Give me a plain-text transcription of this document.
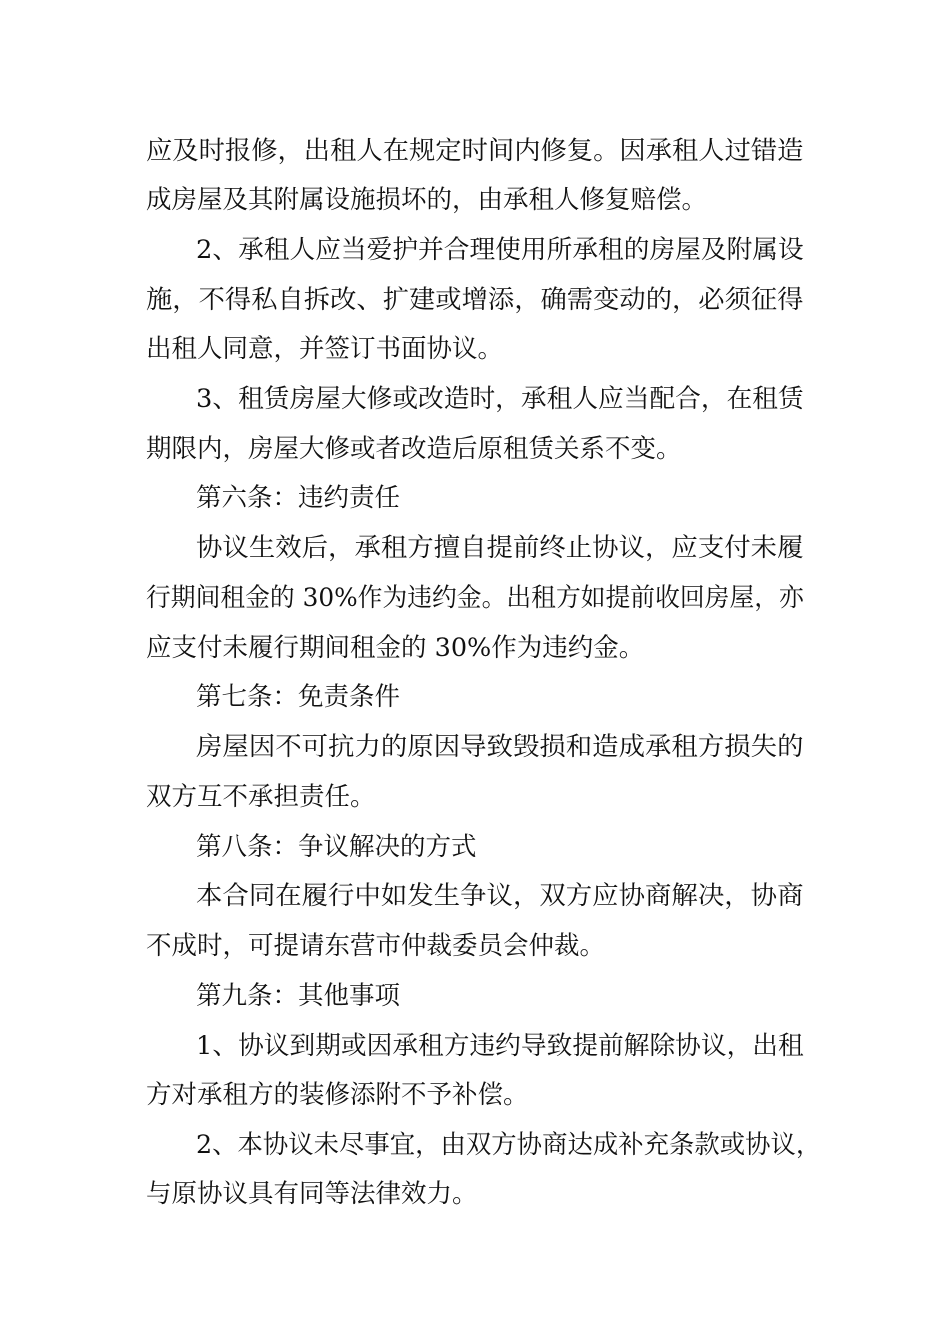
应及时报修，出租人在规定时间内修复。因承租人过错造
成房屋及其附属设施损坏的，由承租人修复赔偿。
2、承租人应当爱护并合理使用所承租的房屋及附属设
施，不得私自拆改、扩建或增添，确需变动的，必须征得
出租人同意，并签订书面协议。
3、租赁房屋大修或改造时，承租人应当配合，在租赁
期限内，房屋大修或者改造后原租赁关系不变。
第六条：违约责任
协议生效后，承租方擅自提前终止协议，应支付未履
行期间租金的 30%作为违约金。出租方如提前收回房屋，亦
应支付未履行期间租金的 30%作为违约金。
第七条：免责条件
房屋因不可抗力的原因导致毁损和造成承租方损失的
双方互不承担责任。
第八条：争议解决的方式
本合同在履行中如发生争议，双方应协商解决，协商
不成时，可提请东营市仲裁委员会仲裁。
第九条：其他事项
1、协议到期或因承租方违约导致提前解除协议，出租
方对承租方的装修添附不予补偿。
2、本协议未尽事宜，由双方协商达成补充条款或协议，
与原协议具有同等法律效力。
